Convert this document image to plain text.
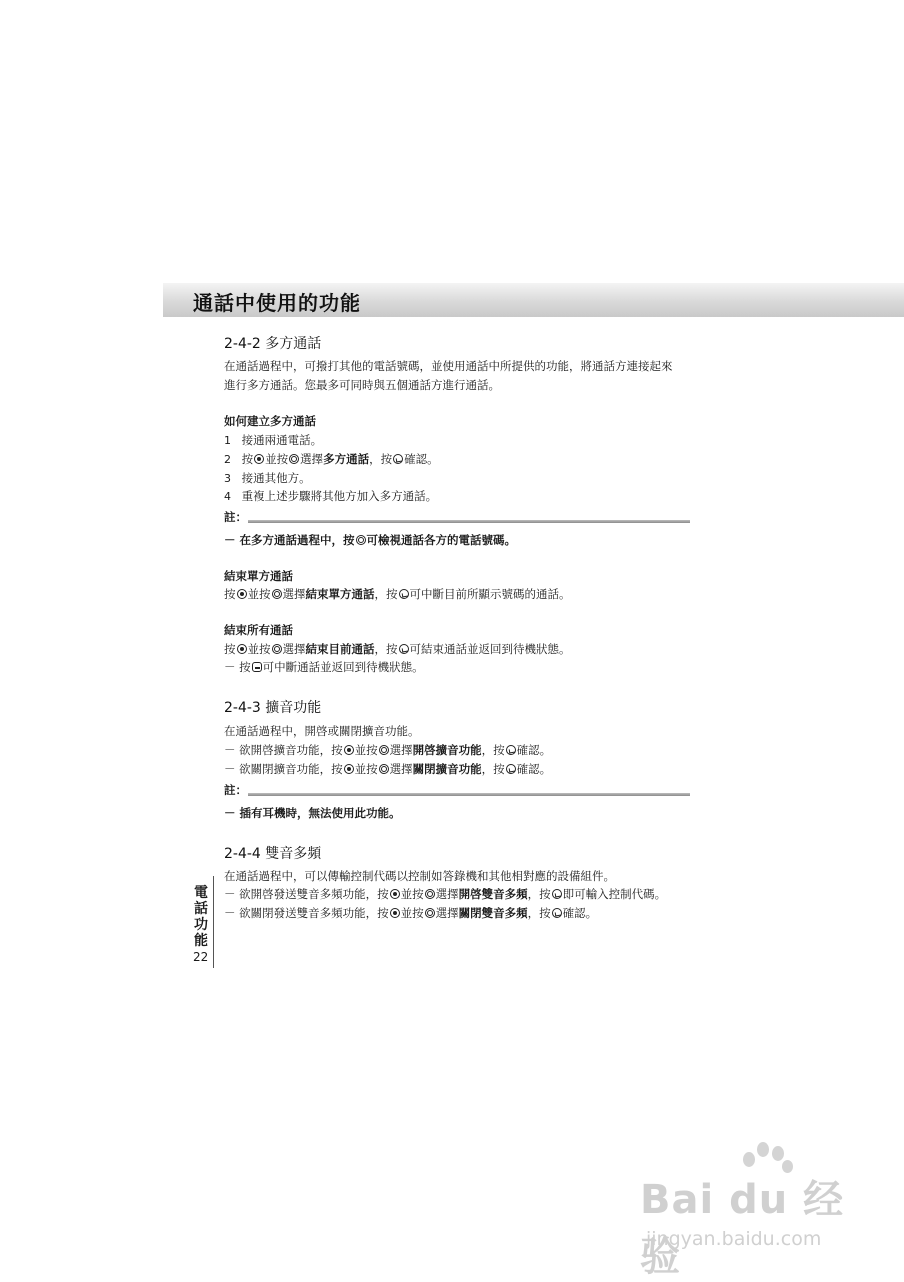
通話中使用的功能
2-4-2 多方通話
在通話過程中，可撥打其他的電話號碼，並使用通話中所提供的功能，將通話方連接起來
進行多方通話。您最多可同時與五個通話方進行通話。
如何建立多方通話
1 接通兩通電話。
2 按 並按 選擇多方通話，按 確認。
3 接通其他方。
4 重複上述步驟將其他方加入多方通話。
註：
－ 在多方通話過程中，按 可檢視通話各方的電話號碼。
結束單方通話
按 並按 選擇結束單方通話，按 可中斷目前所顯示號碼的通話。
結束所有通話
按 並按 選擇結束目前通話，按 可結束通話並返回到待機狀態。
－ 按 可中斷通話並返回到待機狀態。
2-4-3 擴音功能
在通話過程中，開啓或關閉擴音功能。
－ 欲開啓擴音功能，按 並按 選擇開啓擴音功能，按 確認。
－ 欲關閉擴音功能，按 並按 選擇關閉擴音功能，按 確認。
註：
－ 插有耳機時，無法使用此功能。
2-4-4 雙音多頻
在通話過程中，可以傳輸控制代碼以控制如答錄機和其他相對應的設備組件。
－ 欲開啓發送雙音多頻功能，按 並按 選擇開啓雙音多頻，按 即可輸入控制代碼。
－ 欲關閉發送雙音多頻功能，按 並按 選擇關閉雙音多頻，按 確認。
電
話
功
能
22
Bai du 经验
jingyan.baidu.com
